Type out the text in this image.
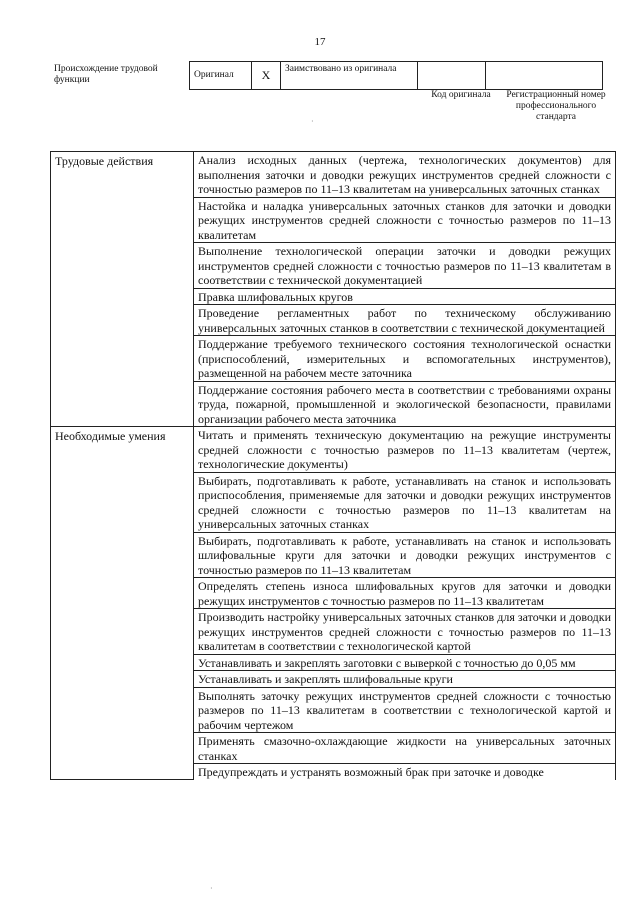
17
Происхождение трудовой функции	Оригинал	X	Заимствовано из оригинала		
Код оригинала	Регистрационный номер профессионального стандарта
·
·
Трудовые действия	Анализ исходных данных (чертежа, технологических документов) для выполнения заточки и доводки режущих инструментов средней сложности с точностью размеров по 11–13 квалитетам на универсальных заточных станках
	Настойка и наладка универсальных заточных станков для заточки и доводки режущих инструментов средней сложности с точностью размеров по 11–13 квалитетам
	Выполнение технологической операции заточки и доводки режущих инструментов средней сложности с точностью размеров по 11–13 квалитетам в соответствии с технической документацией
	Правка шлифовальных кругов
	Проведение регламентных работ по техническому обслуживанию универсальных заточных станков в соответствии с технической документацией
	Поддержание требуемого технического состояния технологической оснастки (приспособлений, измерительных и вспомогательных инструментов), размещенной на рабочем месте заточника
	Поддержание состояния рабочего места в соответствии с требованиями охраны труда, пожарной, промышленной и экологической безопасности, правилами организации рабочего места заточника
Необходимые умения	Читать и применять техническую документацию на режущие инструменты средней сложности с точностью размеров по 11–13 квалитетам (чертеж, технологические документы)
	Выбирать, подготавливать к работе, устанавливать на станок и использовать приспособления, применяемые для заточки и доводки режущих инструментов средней сложности с точностью размеров по 11–13 квалитетам на универсальных заточных станках
	Выбирать, подготавливать к работе, устанавливать на станок и использовать шлифовальные круги для заточки и доводки режущих инструментов с точностью размеров по 11–13 квалитетам
	Определять степень износа шлифовальных кругов для заточки и доводки режущих инструментов с точностью размеров по 11–13 квалитетам
	Производить настройку универсальных заточных станков для заточки и доводки режущих инструментов средней сложности с точностью размеров по 11–13 квалитетам в соответствии с технологической картой
	Устанавливать и закреплять заготовки с выверкой с точностью до 0,05 мм
	Устанавливать и закреплять шлифовальные круги
	Выполнять заточку режущих инструментов средней сложности с точностью размеров по 11–13 квалитетам в соответствии с технологической картой и рабочим чертежом
	Применять смазочно-охлаждающие жидкости на универсальных заточных станках
	Предупреждать и устранять возможный брак при заточке и доводке
